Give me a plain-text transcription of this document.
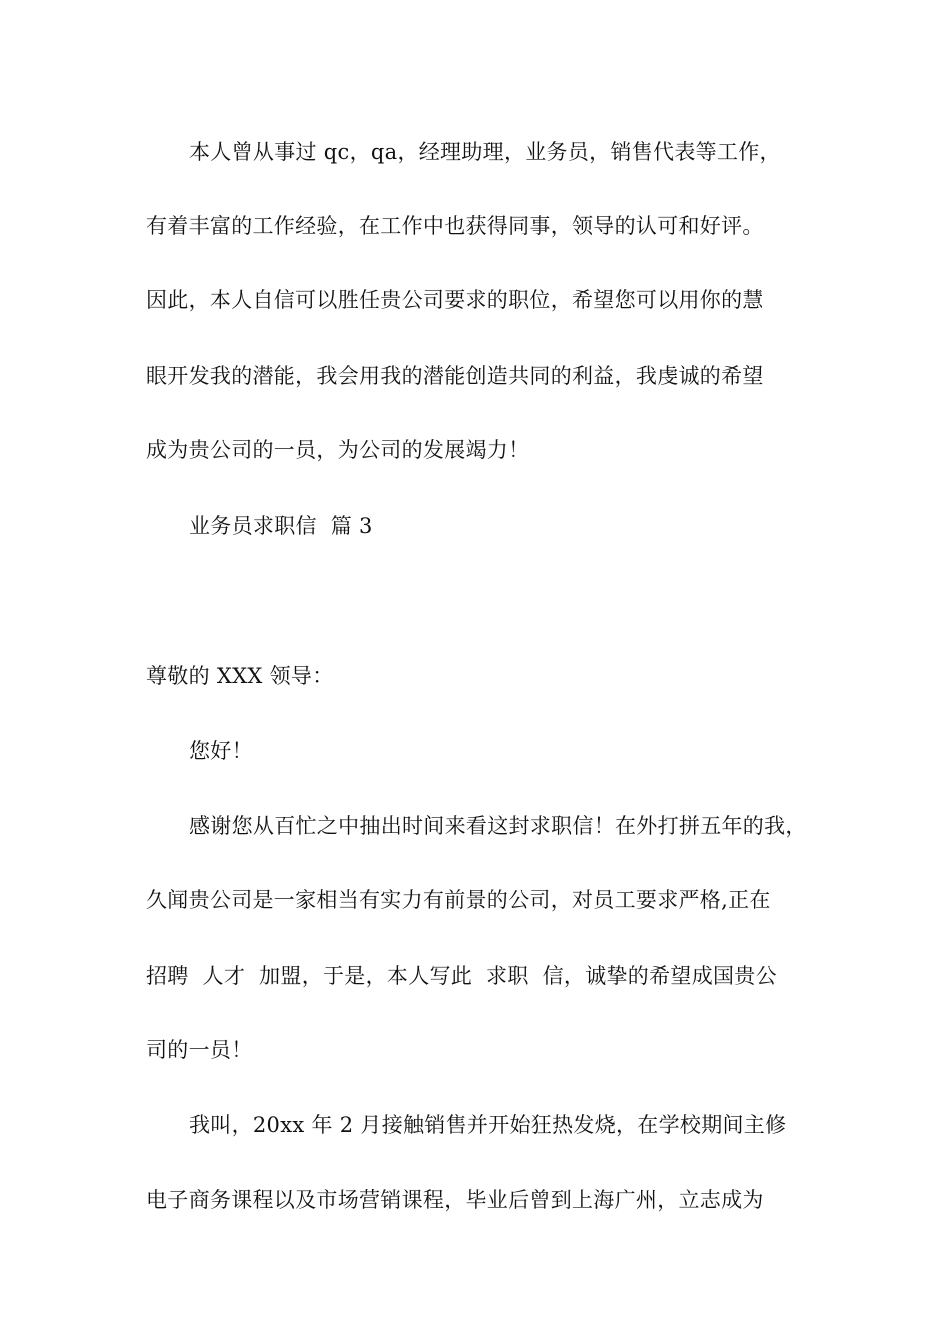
本人曾从事过 qc，qa，经理助理，业务员，销售代表等工作，
有着丰富的工作经验，在工作中也获得同事，领导的认可和好评。
因此，本人自信可以胜任贵公司要求的职位，希望您可以用你的慧
眼开发我的潜能，我会用我的潜能创造共同的利益，我虔诚的希望
成为贵公司的一员，为公司的发展竭力！
业务员求职信  篇 3
尊敬的 XXX 领导：
您好！
感谢您从百忙之中抽出时间来看这封求职信！在外打拼五年的我，
久闻贵公司是一家相当有实力有前景的公司，对员工要求严格,正在
招聘  人才  加盟，于是，本人写此  求职  信，诚挚的希望成国贵公
司的一员！
我叫，20xx 年 2 月接触销售并开始狂热发烧，在学校期间主修
电子商务课程以及市场营销课程，毕业后曾到上海广州，立志成为
